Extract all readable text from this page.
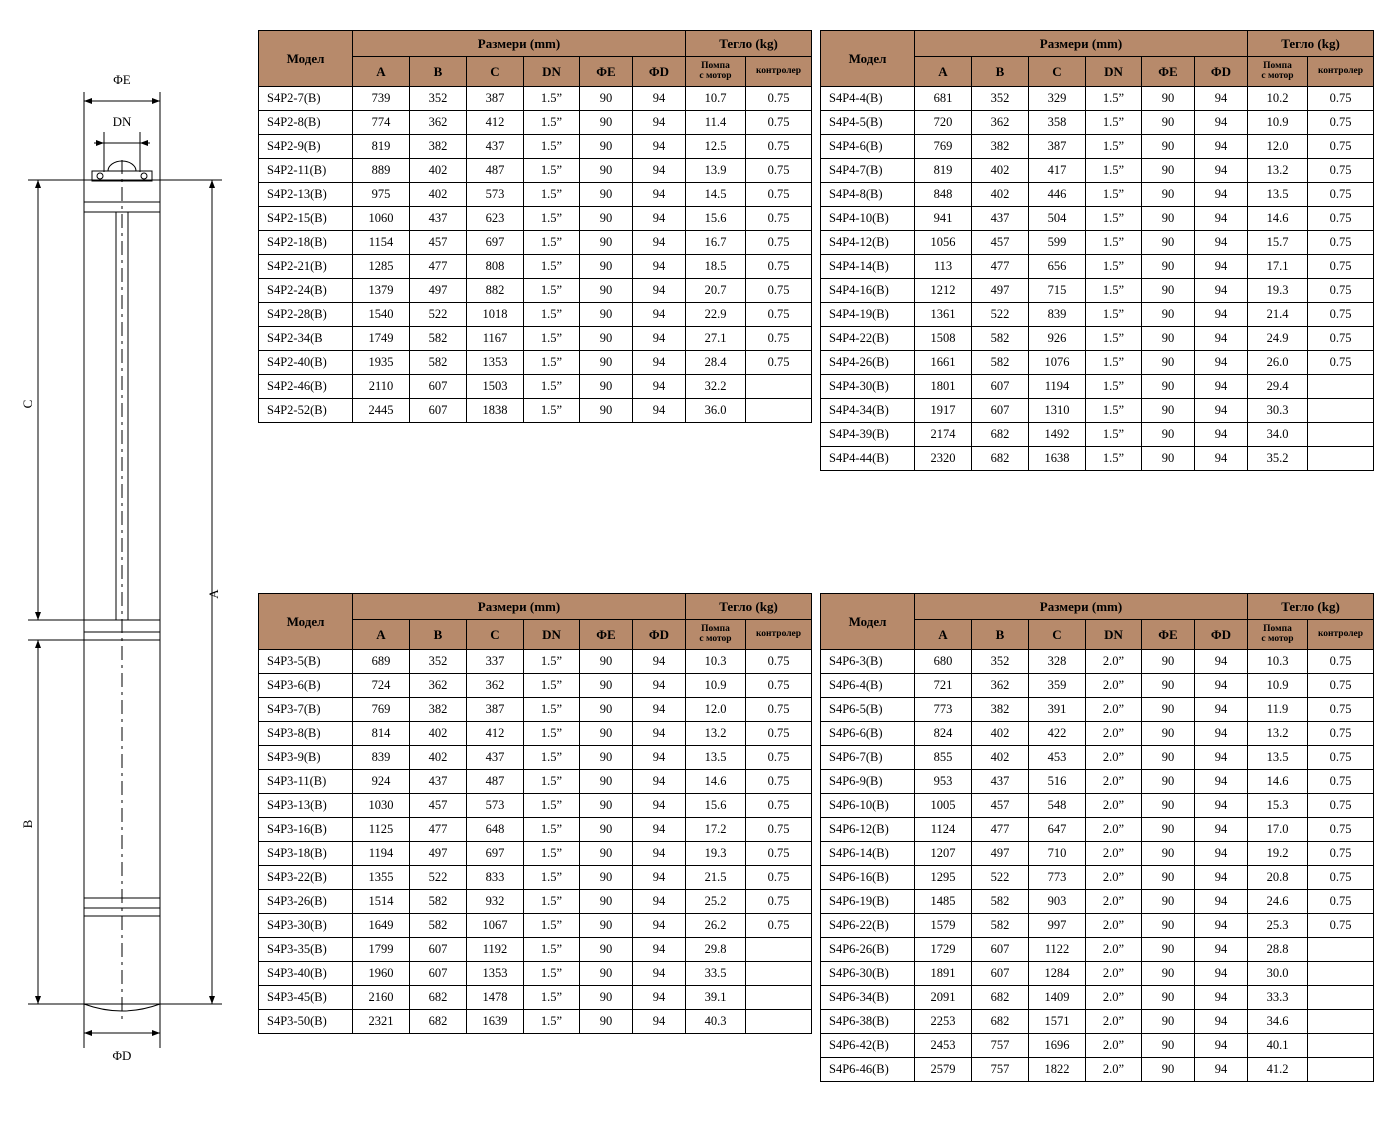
ΦE
DN
ΦD
C
B
A
Модел	Размери (mm)						Тегло (kg)	
	A	B	C	DN	ΦE	ΦD	Помпа
с мотор	контролер
S4P2-7(B)	739	352	387	1.5”	90	94	10.7	0.75
S4P2-8(B)	774	362	412	1.5”	90	94	11.4	0.75
S4P2-9(B)	819	382	437	1.5”	90	94	12.5	0.75
S4P2-11(B)	889	402	487	1.5”	90	94	13.9	0.75
S4P2-13(B)	975	402	573	1.5”	90	94	14.5	0.75
S4P2-15(B)	1060	437	623	1.5”	90	94	15.6	0.75
S4P2-18(B)	1154	457	697	1.5”	90	94	16.7	0.75
S4P2-21(B)	1285	477	808	1.5”	90	94	18.5	0.75
S4P2-24(B)	1379	497	882	1.5”	90	94	20.7	0.75
S4P2-28(B)	1540	522	1018	1.5”	90	94	22.9	0.75
S4P2-34(B	1749	582	1167	1.5”	90	94	27.1	0.75
S4P2-40(B)	1935	582	1353	1.5”	90	94	28.4	0.75
S4P2-46(B)	2110	607	1503	1.5”	90	94	32.2	
S4P2-52(B)	2445	607	1838	1.5”	90	94	36.0	
Модел	Размери (mm)						Тегло (kg)	
	A	B	C	DN	ΦE	ΦD	Помпа
с мотор	контролер
S4P4-4(B)	681	352	329	1.5”	90	94	10.2	0.75
S4P4-5(B)	720	362	358	1.5”	90	94	10.9	0.75
S4P4-6(B)	769	382	387	1.5”	90	94	12.0	0.75
S4P4-7(B)	819	402	417	1.5”	90	94	13.2	0.75
S4P4-8(B)	848	402	446	1.5”	90	94	13.5	0.75
S4P4-10(B)	941	437	504	1.5”	90	94	14.6	0.75
S4P4-12(B)	1056	457	599	1.5”	90	94	15.7	0.75
S4P4-14(B)	113	477	656	1.5”	90	94	17.1	0.75
S4P4-16(B)	1212	497	715	1.5”	90	94	19.3	0.75
S4P4-19(B)	1361	522	839	1.5”	90	94	21.4	0.75
S4P4-22(B)	1508	582	926	1.5”	90	94	24.9	0.75
S4P4-26(B)	1661	582	1076	1.5”	90	94	26.0	0.75
S4P4-30(B)	1801	607	1194	1.5”	90	94	29.4	
S4P4-34(B)	1917	607	1310	1.5”	90	94	30.3	
S4P4-39(B)	2174	682	1492	1.5”	90	94	34.0	
S4P4-44(B)	2320	682	1638	1.5”	90	94	35.2	
Модел	Размери (mm)						Тегло (kg)	
	A	B	C	DN	ΦE	ΦD	Помпа
с мотор	контролер
S4P3-5(B)	689	352	337	1.5”	90	94	10.3	0.75
S4P3-6(B)	724	362	362	1.5”	90	94	10.9	0.75
S4P3-7(B)	769	382	387	1.5”	90	94	12.0	0.75
S4P3-8(B)	814	402	412	1.5”	90	94	13.2	0.75
S4P3-9(B)	839	402	437	1.5”	90	94	13.5	0.75
S4P3-11(B)	924	437	487	1.5”	90	94	14.6	0.75
S4P3-13(B)	1030	457	573	1.5”	90	94	15.6	0.75
S4P3-16(B)	1125	477	648	1.5”	90	94	17.2	0.75
S4P3-18(B)	1194	497	697	1.5”	90	94	19.3	0.75
S4P3-22(B)	1355	522	833	1.5”	90	94	21.5	0.75
S4P3-26(B)	1514	582	932	1.5”	90	94	25.2	0.75
S4P3-30(B)	1649	582	1067	1.5”	90	94	26.2	0.75
S4P3-35(B)	1799	607	1192	1.5”	90	94	29.8	
S4P3-40(B)	1960	607	1353	1.5”	90	94	33.5	
S4P3-45(B)	2160	682	1478	1.5”	90	94	39.1	
S4P3-50(B)	2321	682	1639	1.5”	90	94	40.3	
Модел	Размери (mm)						Тегло (kg)	
	A	B	C	DN	ΦE	ΦD	Помпа
с мотор	контролер
S4P6-3(B)	680	352	328	2.0”	90	94	10.3	0.75
S4P6-4(B)	721	362	359	2.0”	90	94	10.9	0.75
S4P6-5(B)	773	382	391	2.0”	90	94	11.9	0.75
S4P6-6(B)	824	402	422	2.0”	90	94	13.2	0.75
S4P6-7(B)	855	402	453	2.0”	90	94	13.5	0.75
S4P6-9(B)	953	437	516	2.0”	90	94	14.6	0.75
S4P6-10(B)	1005	457	548	2.0”	90	94	15.3	0.75
S4P6-12(B)	1124	477	647	2.0”	90	94	17.0	0.75
S4P6-14(B)	1207	497	710	2.0”	90	94	19.2	0.75
S4P6-16(B)	1295	522	773	2.0”	90	94	20.8	0.75
S4P6-19(B)	1485	582	903	2.0”	90	94	24.6	0.75
S4P6-22(B)	1579	582	997	2.0”	90	94	25.3	0.75
S4P6-26(B)	1729	607	1122	2.0”	90	94	28.8	
S4P6-30(B)	1891	607	1284	2.0”	90	94	30.0	
S4P6-34(B)	2091	682	1409	2.0”	90	94	33.3	
S4P6-38(B)	2253	682	1571	2.0”	90	94	34.6	
S4P6-42(B)	2453	757	1696	2.0”	90	94	40.1	
S4P6-46(B)	2579	757	1822	2.0”	90	94	41.2	
